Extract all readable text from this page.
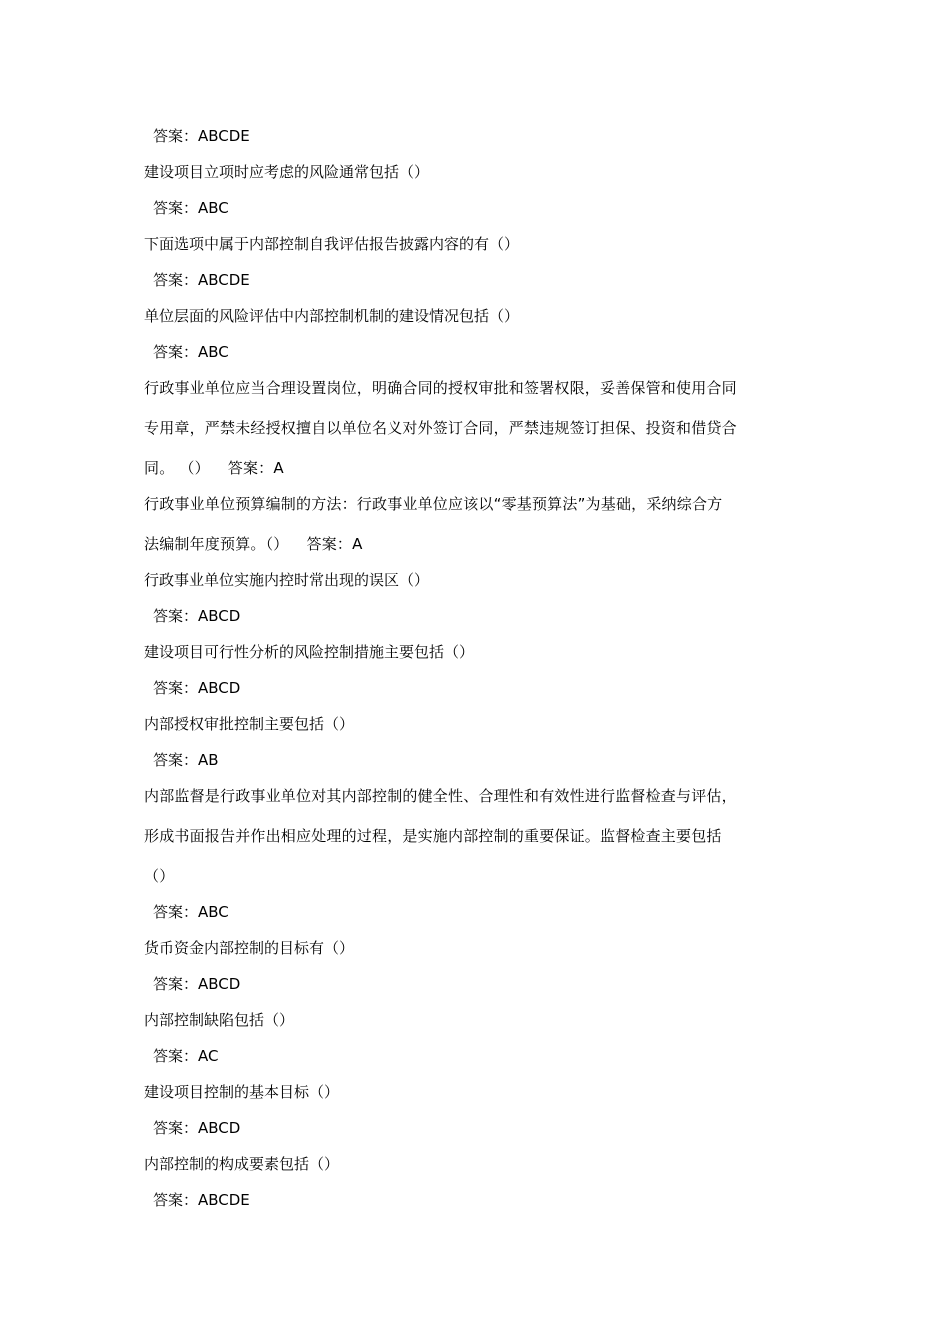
答案：ABCDE
建设项目立项时应考虑的风险通常包括（）
答案：ABC
下面选项中属于内部控制自我评估报告披露内容的有（）
答案：ABCDE
单位层面的风险评估中内部控制机制的建设情况包括（）
答案：ABC
行政事业单位应当合理设置岗位，明确合同的授权审批和签署权限，妥善保管和使用合同
专用章，严禁未经授权擅自以单位名义对外签订合同，严禁违规签订担保、投资和借贷合
同。 （） 答案：A
行政事业单位预算编制的方法：行政事业单位应该以“零基预算法”为基础，采纳综合方
法编制年度预算。（） 答案：A
行政事业单位实施内控时常出现的误区（）
答案：ABCD
建设项目可行性分析的风险控制措施主要包括（）
答案：ABCD
内部授权审批控制主要包括（）
答案：AB
内部监督是行政事业单位对其内部控制的健全性、合理性和有效性进行监督检查与评估，
形成书面报告并作出相应处理的过程，是实施内部控制的重要保证。监督检查主要包括
（）
答案：ABC
货币资金内部控制的目标有（）
答案：ABCD
内部控制缺陷包括（）
答案：AC
建设项目控制的基本目标（）
答案：ABCD
内部控制的构成要素包括（）
答案：ABCDE
